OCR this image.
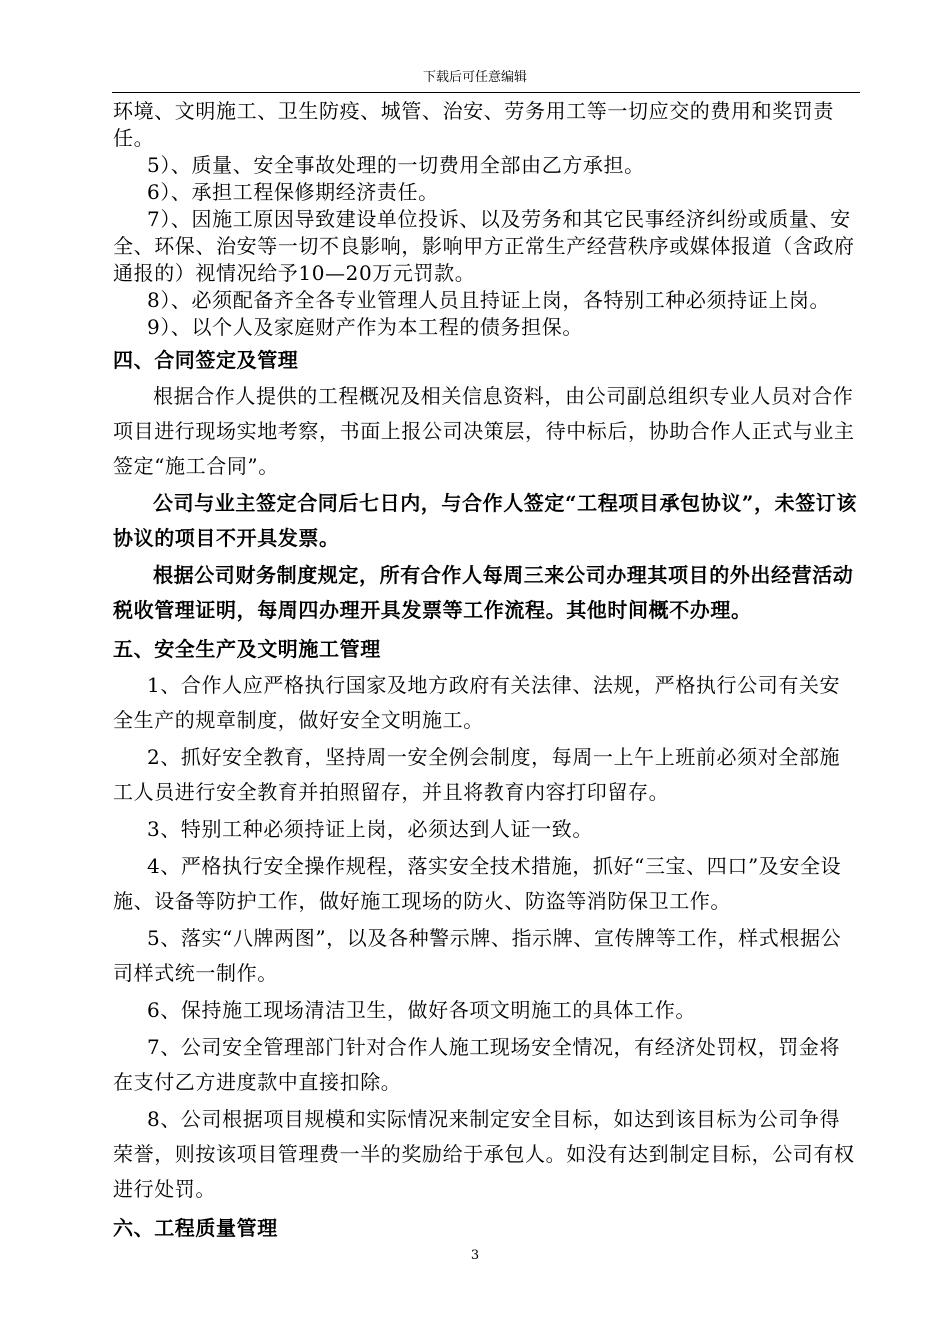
下载后可任意编辑

环境、文明施工、卫生防疫、城管、治安、劳务用工等一切应交的费用和奖罚责任。

5）、质量、安全事故处理的一切费用全部由乙方承担。

6）、承担工程保修期经济责任。

7）、因施工原因导致建设单位投诉、以及劳务和其它民事经济纠纷或质量、安全、环保、治安等一切不良影响，影响甲方正常生产经营秩序或媒体报道（含政府通报的）视情况给予10—20万元罚款。

8）、必须配备齐全各专业管理人员且持证上岗，各特别工种必须持证上岗。

9）、以个人及家庭财产作为本工程的债务担保。

四、合同签定及管理

根据合作人提供的工程概况及相关信息资料，由公司副总组织专业人员对合作项目进行现场实地考察，书面上报公司决策层，待中标后，协助合作人正式与业主签定“施工合同”。

公司与业主签定合同后七日内，与合作人签定“工程项目承包协议”，未签订该协议的项目不开具发票。

根据公司财务制度规定，所有合作人每周三来公司办理其项目的外出经营活动税收管理证明，每周四办理开具发票等工作流程。其他时间概不办理。

五、安全生产及文明施工管理

1、合作人应严格执行国家及地方政府有关法律、法规，严格执行公司有关安全生产的规章制度，做好安全文明施工。

2、抓好安全教育，坚持周一安全例会制度，每周一上午上班前必须对全部施工人员进行安全教育并拍照留存，并且将教育内容打印留存。

3、特别工种必须持证上岗，必须达到人证一致。

4、严格执行安全操作规程，落实安全技术措施，抓好“三宝、四口”及安全设施、设备等防护工作，做好施工现场的防火、防盗等消防保卫工作。

5、落实“八牌两图”，以及各种警示牌、指示牌、宣传牌等工作，样式根据公司样式统一制作。

6、保持施工现场清洁卫生，做好各项文明施工的具体工作。

7、公司安全管理部门针对合作人施工现场安全情况，有经济处罚权，罚金将在支付乙方进度款中直接扣除。

8、公司根据项目规模和实际情况来制定安全目标，如达到该目标为公司争得荣誉，则按该项目管理费一半的奖励给于承包人。如没有达到制定目标，公司有权进行处罚。

六、工程质量管理

3
